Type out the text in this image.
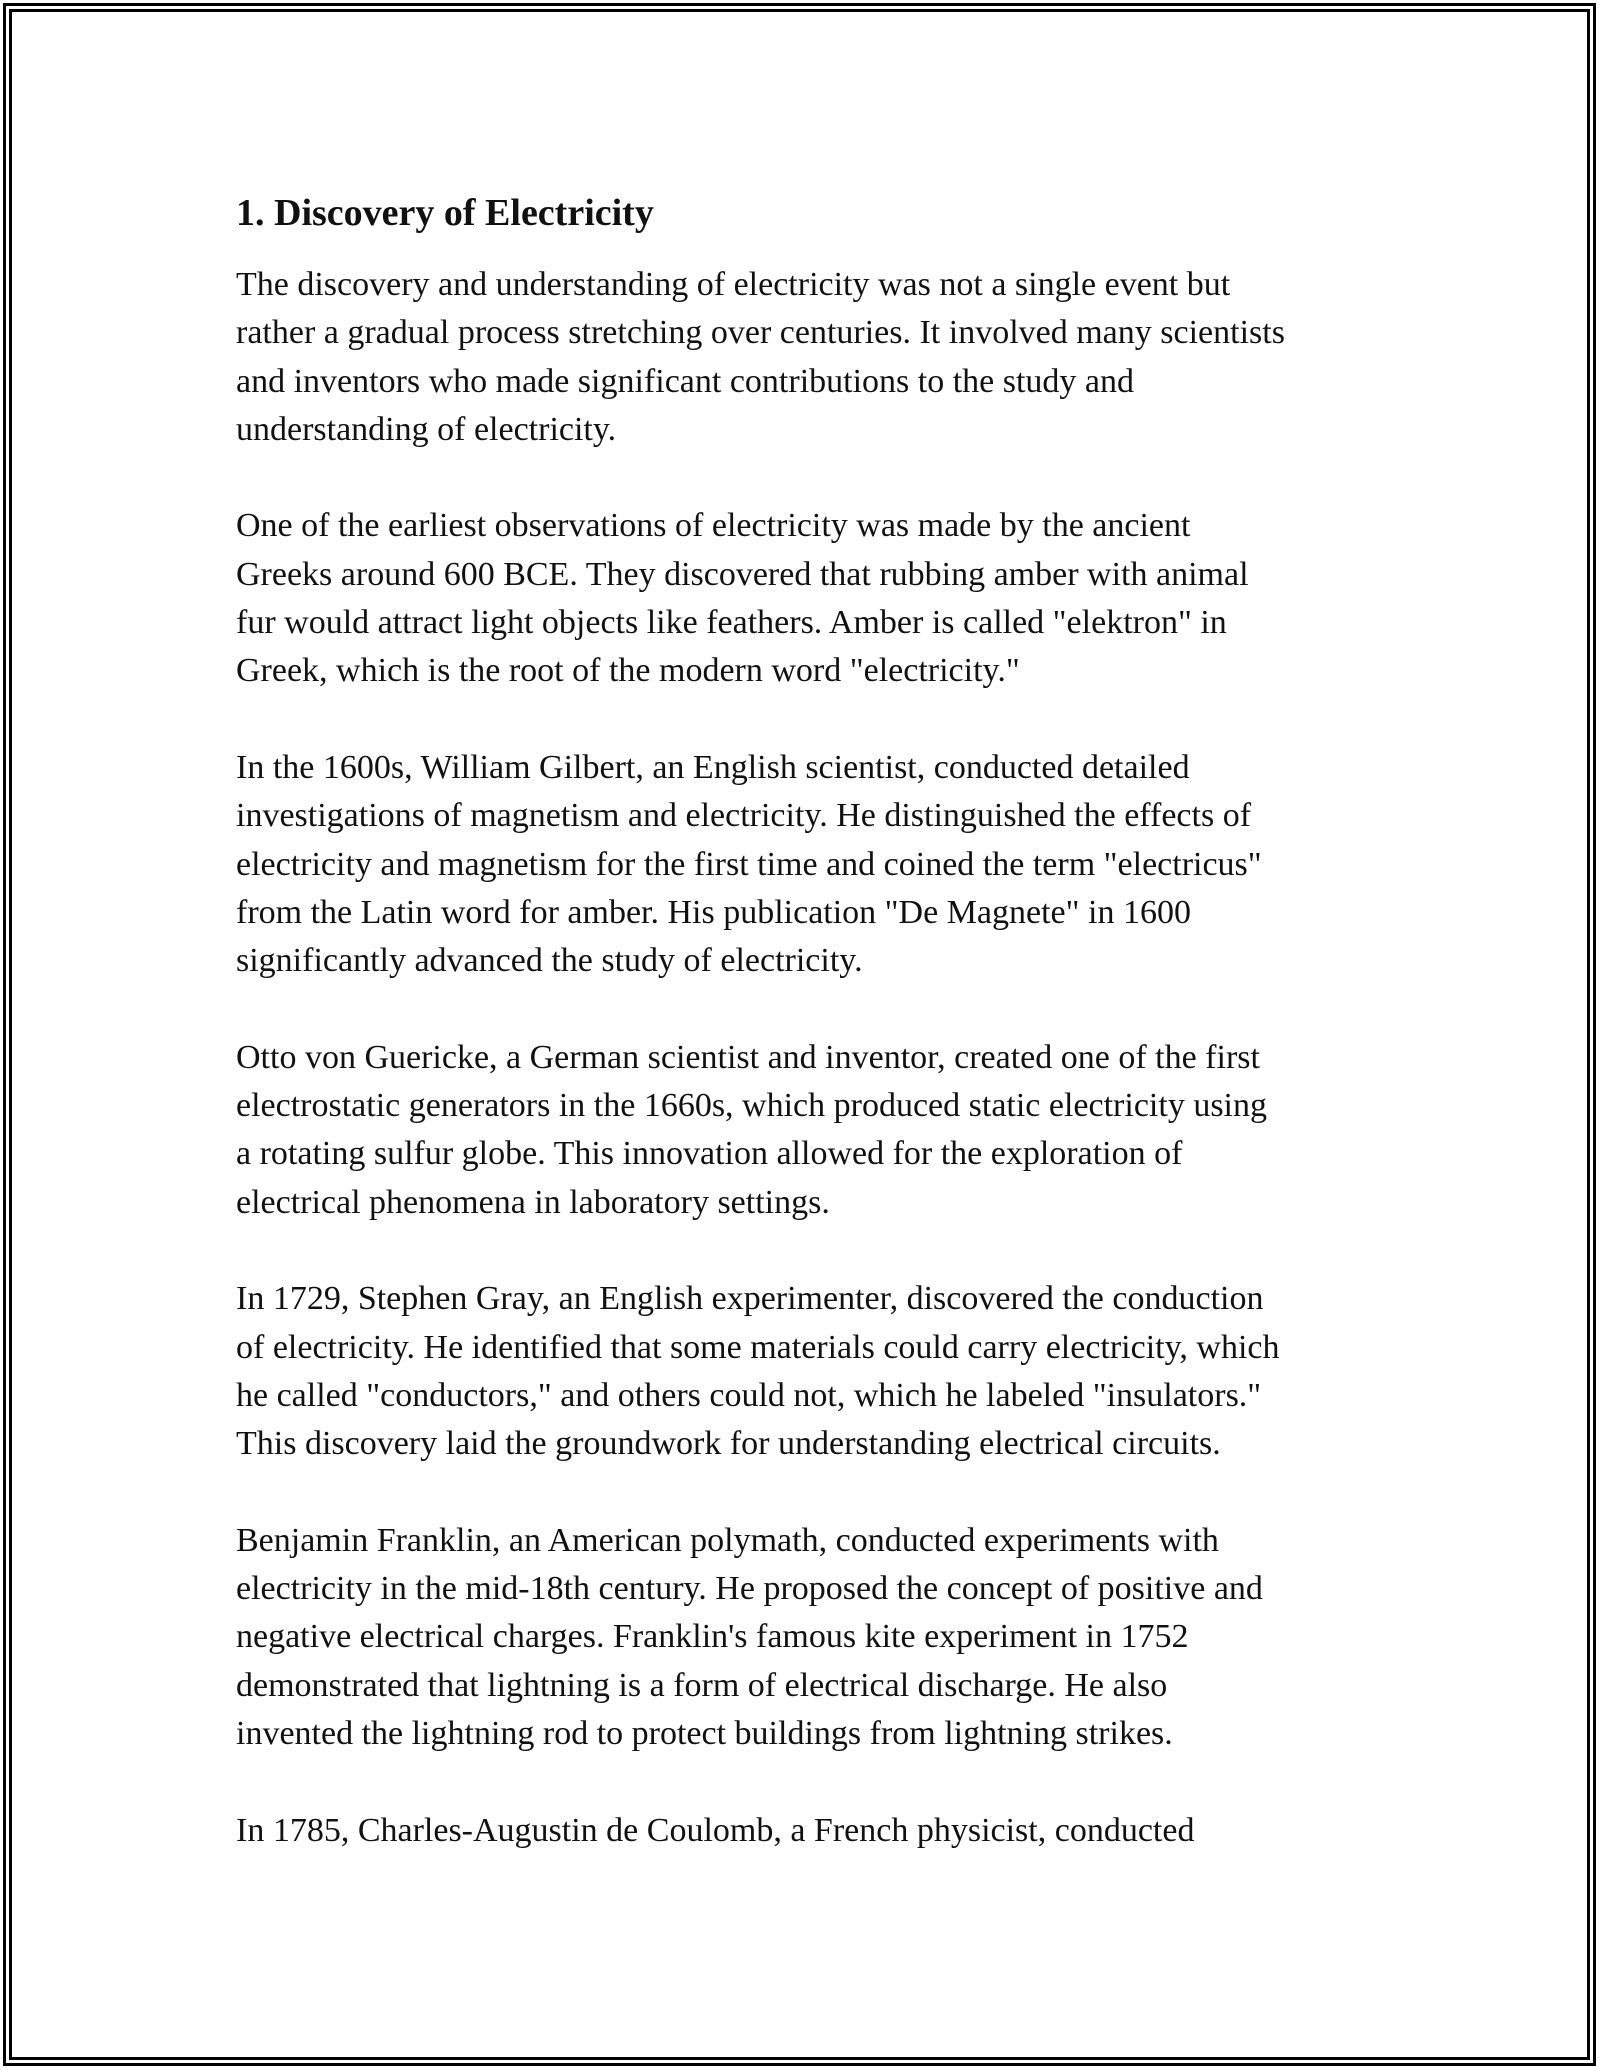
1. Discovery of Electricity

The discovery and understanding of electricity was not a single event but
rather a gradual process stretching over centuries. It involved many scientists
and inventors who made significant contributions to the study and
understanding of electricity.

One of the earliest observations of electricity was made by the ancient
Greeks around 600 BCE. They discovered that rubbing amber with animal
fur would attract light objects like feathers. Amber is called "elektron" in
Greek, which is the root of the modern word "electricity."

In the 1600s, William Gilbert, an English scientist, conducted detailed
investigations of magnetism and electricity. He distinguished the effects of
electricity and magnetism for the first time and coined the term "electricus"
from the Latin word for amber. His publication "De Magnete" in 1600
significantly advanced the study of electricity.

Otto von Guericke, a German scientist and inventor, created one of the first
electrostatic generators in the 1660s, which produced static electricity using
a rotating sulfur globe. This innovation allowed for the exploration of
electrical phenomena in laboratory settings.

In 1729, Stephen Gray, an English experimenter, discovered the conduction
of electricity. He identified that some materials could carry electricity, which
he called "conductors," and others could not, which he labeled "insulators."
This discovery laid the groundwork for understanding electrical circuits.

Benjamin Franklin, an American polymath, conducted experiments with
electricity in the mid-18th century. He proposed the concept of positive and
negative electrical charges. Franklin's famous kite experiment in 1752
demonstrated that lightning is a form of electrical discharge. He also
invented the lightning rod to protect buildings from lightning strikes.

In 1785, Charles-Augustin de Coulomb, a French physicist, conducted
